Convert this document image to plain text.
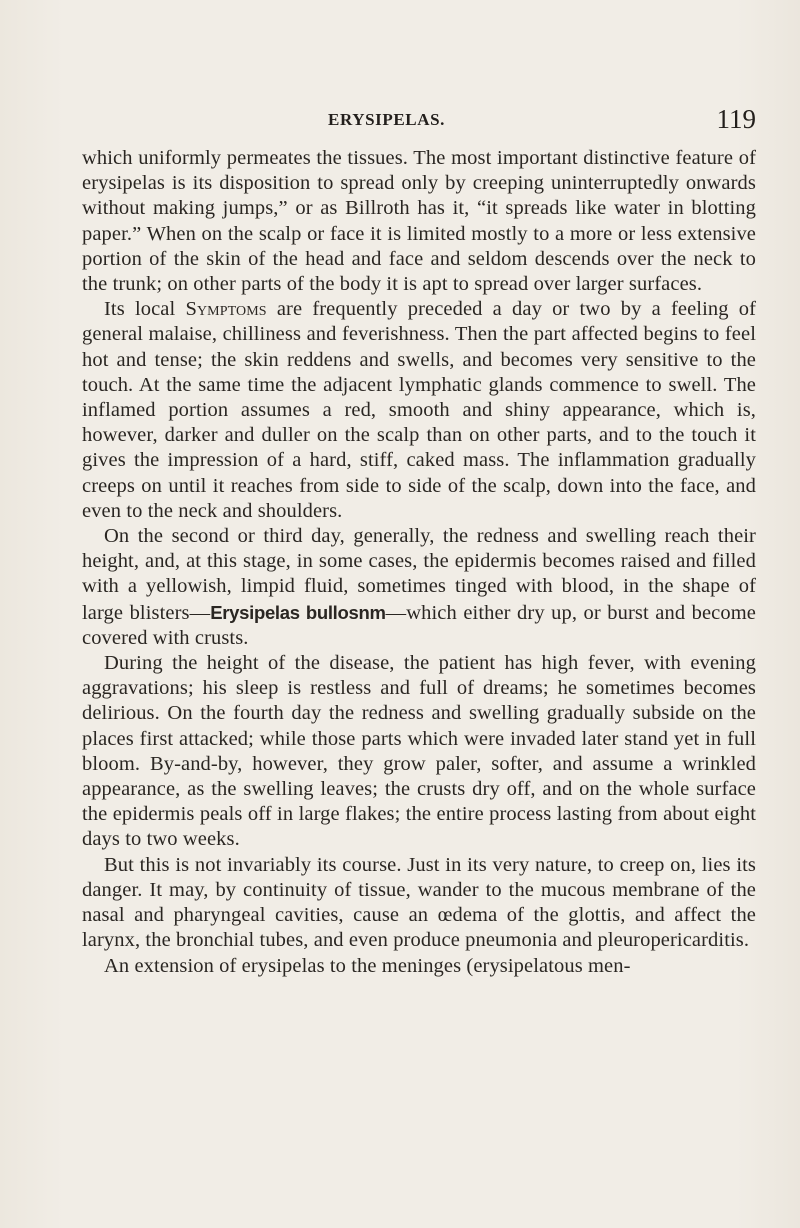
ERYSIPELAS.	119

which uniformly permeates the tissues. The most important distinctive feature of erysipelas is its disposition to spread only by creeping uninterruptedly onwards without making jumps,” or as Billroth has it, “it spreads like water in blotting paper.” When on the scalp or face it is limited mostly to a more or less extensive portion of the skin of the head and face and seldom descends over the neck to the trunk; on other parts of the body it is apt to spread over larger surfaces.

Its local Symptoms are frequently preceded a day or two by a feeling of general malaise, chilliness and feverishness. Then the part affected begins to feel hot and tense; the skin reddens and swells, and becomes very sensitive to the touch. At the same time the adjacent lymphatic glands commence to swell. The inflamed portion assumes a red, smooth and shiny appearance, which is, however, darker and duller on the scalp than on other parts, and to the touch it gives the impression of a hard, stiff, caked mass. The inflammation gradually creeps on until it reaches from side to side of the scalp, down into the face, and even to the neck and shoulders.

On the second or third day, generally, the redness and swelling reach their height, and, at this stage, in some cases, the epidermis becomes raised and filled with a yellowish, limpid fluid, sometimes tinged with blood, in the shape of large blisters—Erysipelas bullosnm—which either dry up, or burst and become covered with crusts.

During the height of the disease, the patient has high fever, with evening aggravations; his sleep is restless and full of dreams; he sometimes becomes delirious. On the fourth day the redness and swelling gradually subside on the places first attacked; while those parts which were invaded later stand yet in full bloom. By-and-by, however, they grow paler, softer, and assume a wrinkled appearance, as the swelling leaves; the crusts dry off, and on the whole surface the epidermis peals off in large flakes; the entire process lasting from about eight days to two weeks.

But this is not invariably its course. Just in its very nature, to creep on, lies its danger. It may, by continuity of tissue, wander to the mucous membrane of the nasal and pharyngeal cavities, cause an œdema of the glottis, and affect the larynx, the bronchial tubes, and even produce pneumonia and pleuropericarditis.

An extension of erysipelas to the meninges (erysipelatous men-
